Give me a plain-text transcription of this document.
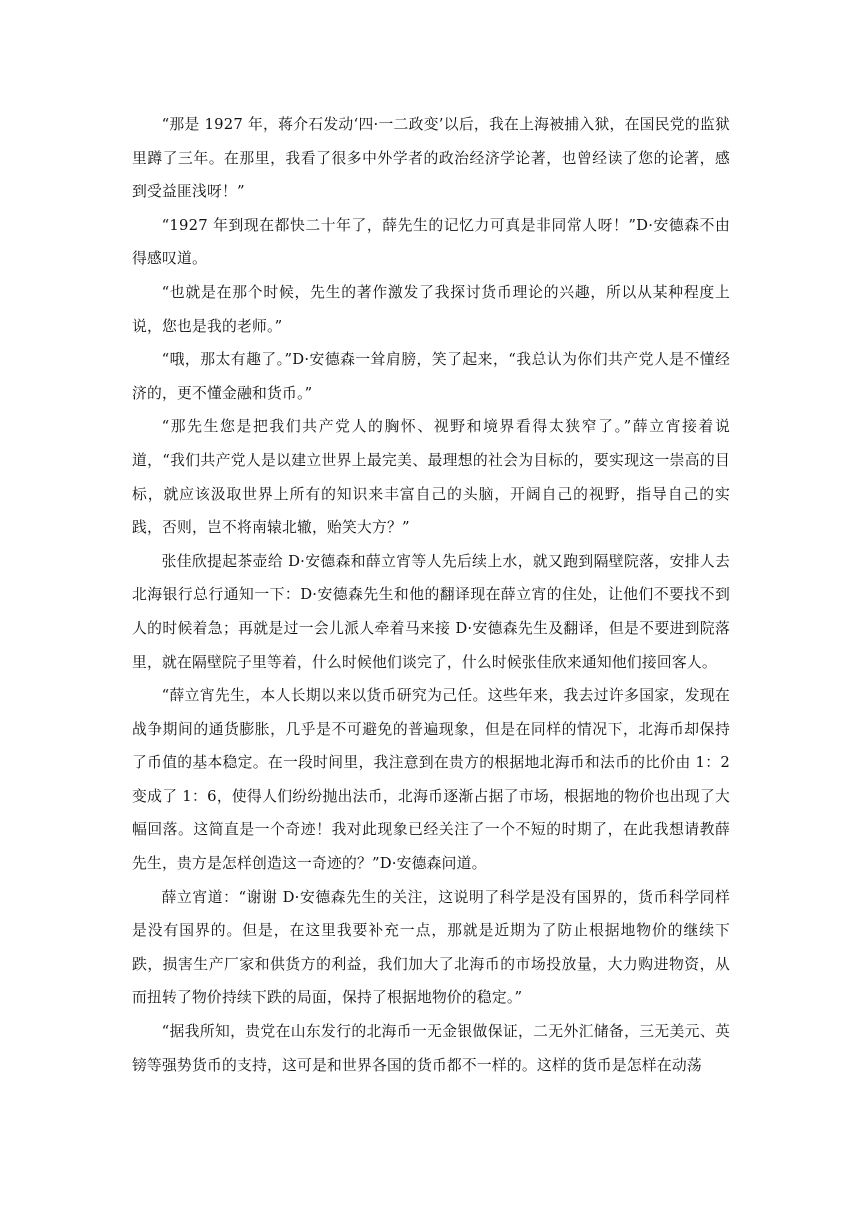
“那是 1927 年，蒋介石发动‘四·一二政变’以后，我在上海被捕入狱，在国民党的监狱里蹲了三年。在那里，我看了很多中外学者的政治经济学论著，也曾经读了您的论著，感到受益匪浅呀！”

“1927 年到现在都快二十年了，薛先生的记忆力可真是非同常人呀！”D·安德森不由得感叹道。

“也就是在那个时候，先生的著作激发了我探讨货币理论的兴趣，所以从某种程度上说，您也是我的老师。”

“哦，那太有趣了。”D·安德森一耸肩膀，笑了起来，“我总认为你们共产党人是不懂经济的，更不懂金融和货币。”

“那先生您是把我们共产党人的胸怀、视野和境界看得太狭窄了。”薛立宵接着说道，“我们共产党人是以建立世界上最完美、最理想的社会为目标的，要实现这一崇高的目标，就应该汲取世界上所有的知识来丰富自己的头脑，开阔自己的视野，指导自己的实践，否则，岂不将南辕北辙，贻笑大方？”

张佳欣提起茶壶给 D·安德森和薛立宵等人先后续上水，就又跑到隔壁院落，安排人去北海银行总行通知一下：D·安德森先生和他的翻译现在薛立宵的住处，让他们不要找不到人的时候着急；再就是过一会儿派人牵着马来接 D·安德森先生及翻译，但是不要进到院落里，就在隔壁院子里等着，什么时候他们谈完了，什么时候张佳欣来通知他们接回客人。

“薛立宵先生，本人长期以来以货币研究为己任。这些年来，我去过许多国家，发现在战争期间的通货膨胀，几乎是不可避免的普遍现象，但是在同样的情况下，北海币却保持了币值的基本稳定。在一段时间里，我注意到在贵方的根据地北海币和法币的比价由 1：2 变成了 1：6，使得人们纷纷抛出法币，北海币逐渐占据了市场，根据地的物价也出现了大幅回落。这简直是一个奇迹！我对此现象已经关注了一个不短的时期了，在此我想请教薛先生，贵方是怎样创造这一奇迹的？”D·安德森问道。

薛立宵道：“谢谢 D·安德森先生的关注，这说明了科学是没有国界的，货币科学同样是没有国界的。但是，在这里我要补充一点，那就是近期为了防止根据地物价的继续下跌，损害生产厂家和供货方的利益，我们加大了北海币的市场投放量，大力购进物资，从而扭转了物价持续下跌的局面，保持了根据地物价的稳定。”

“据我所知，贵党在山东发行的北海币一无金银做保证，二无外汇储备，三无美元、英镑等强势货币的支持，这可是和世界各国的货币都不一样的。这样的货币是怎样在动荡
